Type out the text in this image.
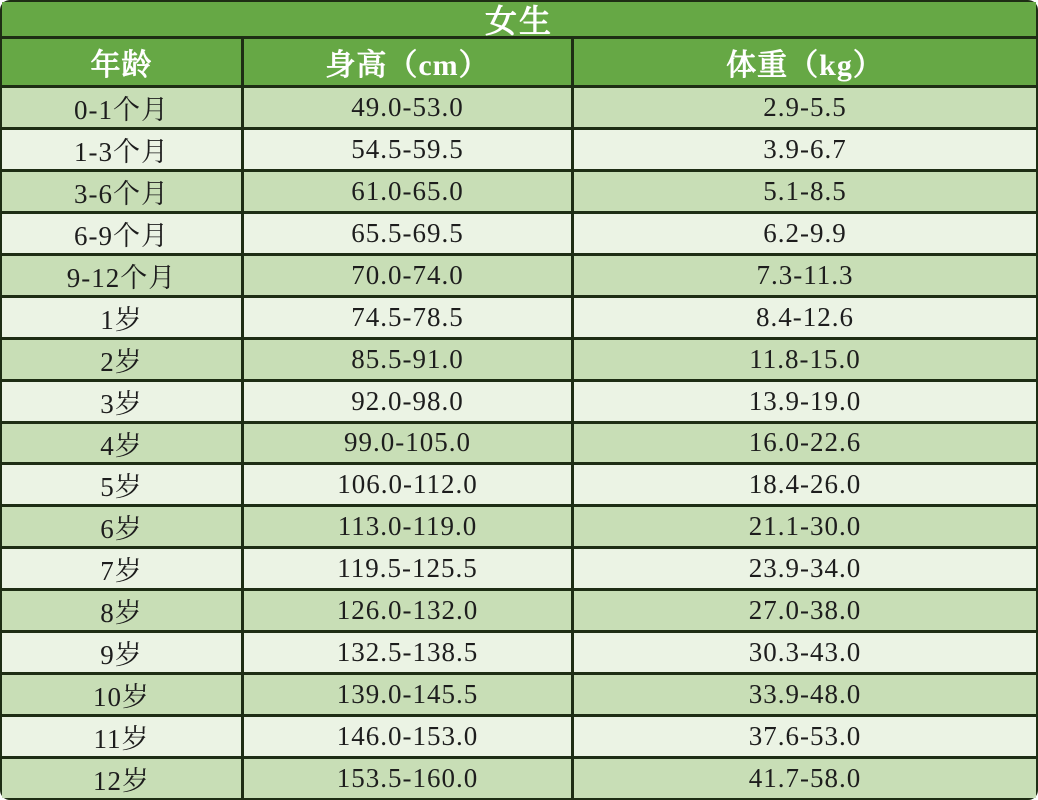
女生
年龄	身高（cm）	体重（kg）
0-1个月	49.0-53.0	2.9-5.5
1-3个月	54.5-59.5	3.9-6.7
3-6个月	61.0-65.0	5.1-8.5
6-9个月	65.5-69.5	6.2-9.9
9-12个月	70.0-74.0	7.3-11.3
1岁	74.5-78.5	8.4-12.6
2岁	85.5-91.0	11.8-15.0
3岁	92.0-98.0	13.9-19.0
4岁	99.0-105.0	16.0-22.6
5岁	106.0-112.0	18.4-26.0
6岁	113.0-119.0	21.1-30.0
7岁	119.5-125.5	23.9-34.0
8岁	126.0-132.0	27.0-38.0
9岁	132.5-138.5	30.3-43.0
10岁	139.0-145.5	33.9-48.0
11岁	146.0-153.0	37.6-53.0
12岁	153.5-160.0	41.7-58.0
